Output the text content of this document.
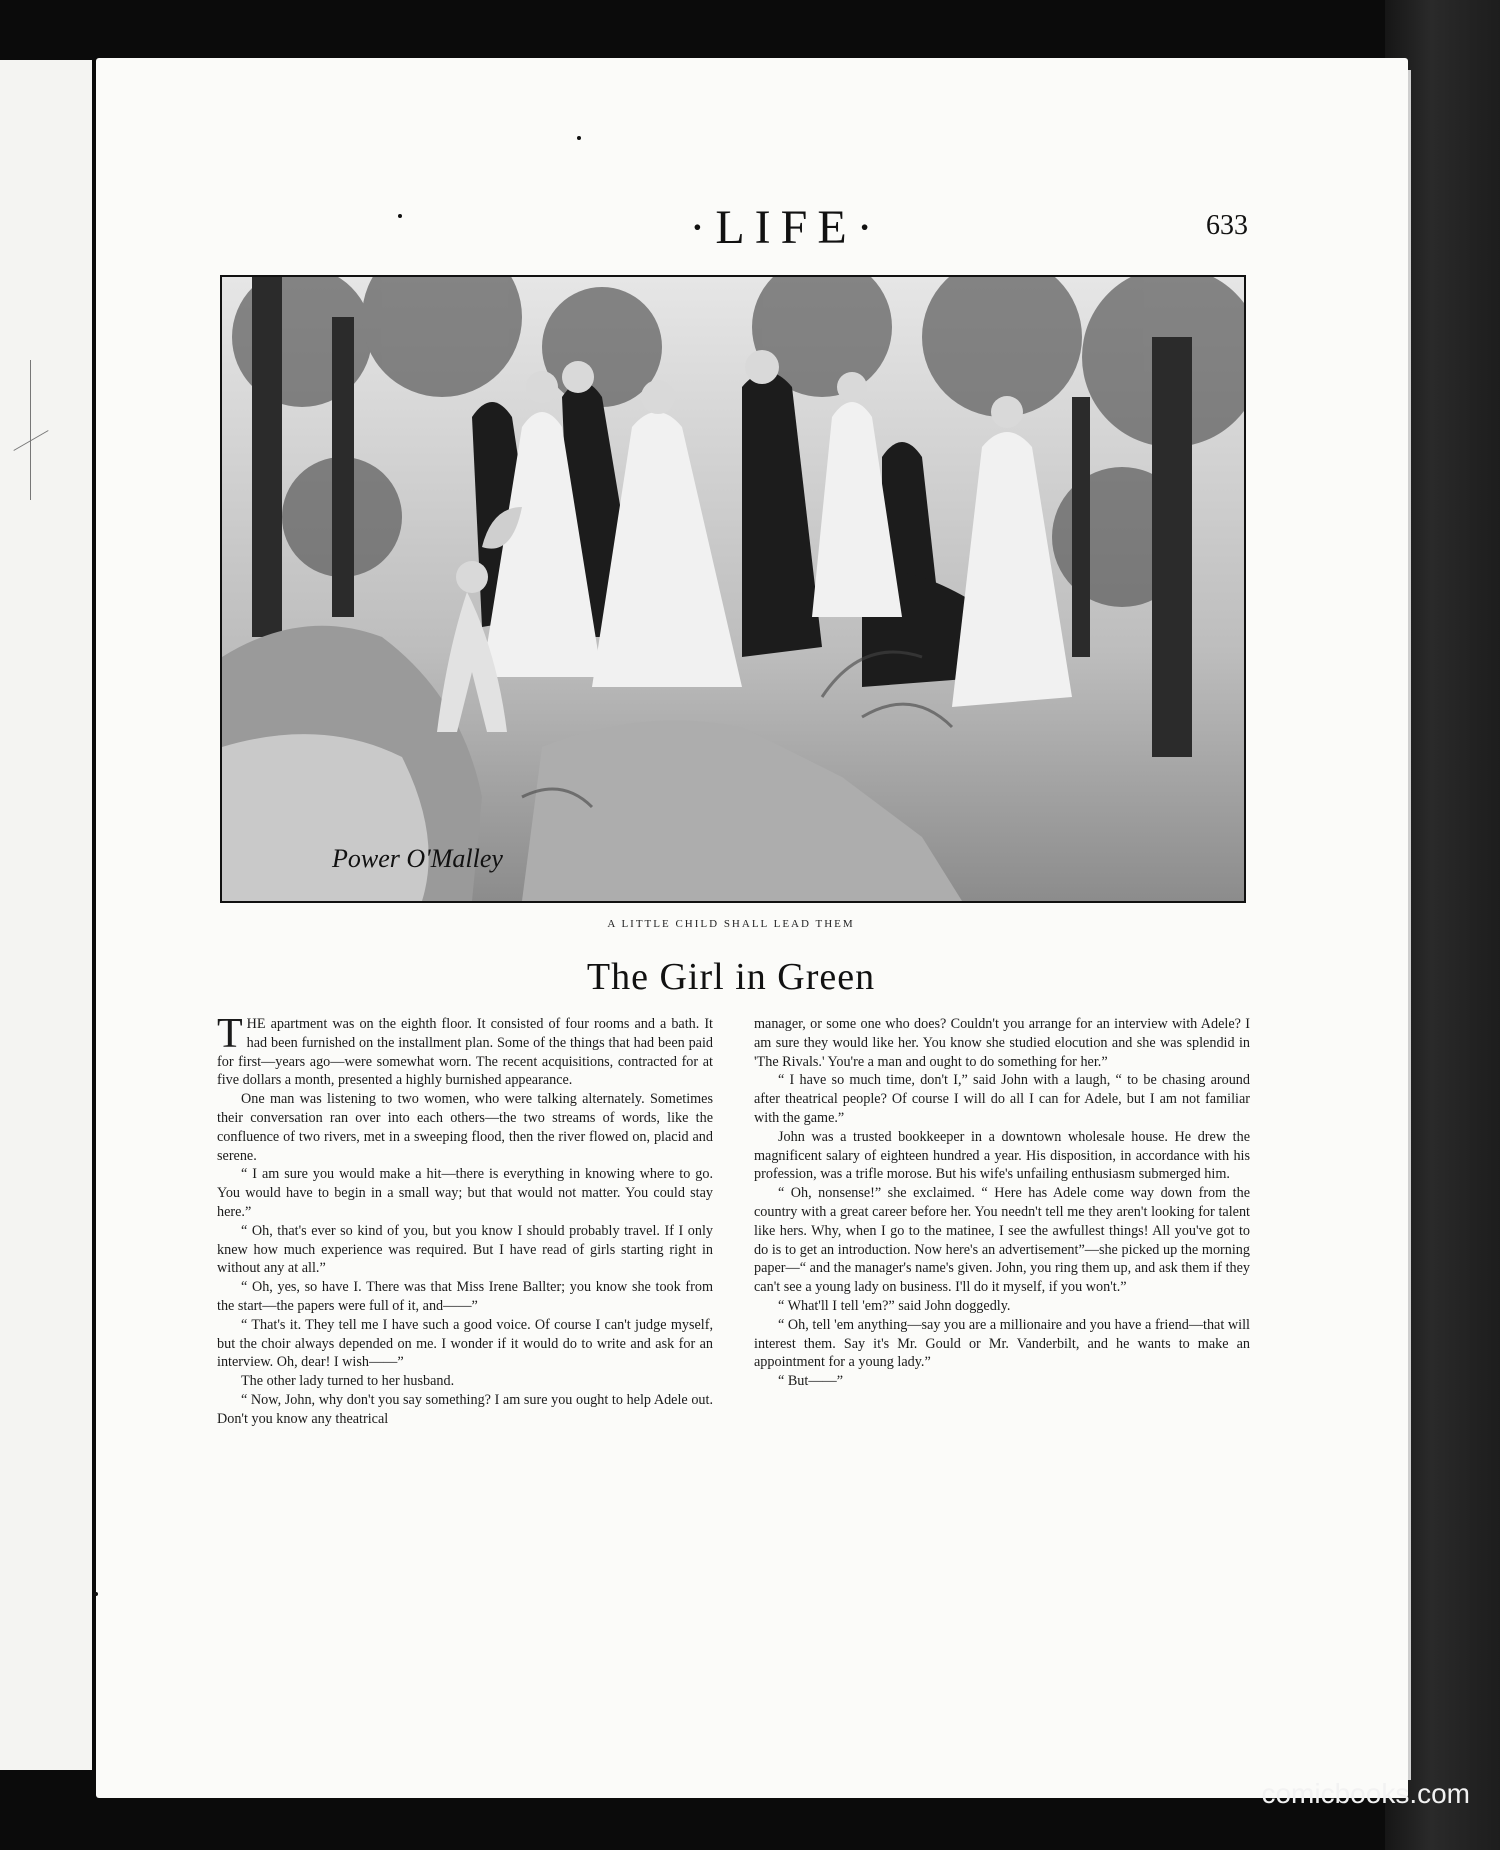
·LIFE·	633
Power O'Malley
A LITTLE CHILD SHALL LEAD THEM
The Girl in Green

THE apartment was on the eighth floor. It consisted of four rooms and a bath. It had been furnished on the installment plan. Some of the things that had been paid for first—years ago—were somewhat worn. The recent acquisitions, contracted for at five dollars a month, presented a highly burnished appearance.

One man was listening to two women, who were talking alternately. Sometimes their conversation ran over into each others—the two streams of words, like the confluence of two rivers, met in a sweeping flood, then the river flowed on, placid and serene.

“ I am sure you would make a hit—there is everything in knowing where to go. You would have to begin in a small way; but that would not matter. You could stay here.”

“ Oh, that's ever so kind of you, but you know I should probably travel. If I only knew how much experience was required. But I have read of girls starting right in without any at all.”

“ Oh, yes, so have I. There was that Miss Irene Ballter; you know she took from the start—the papers were full of it, and——”

“ That's it. They tell me I have such a good voice. Of course I can't judge myself, but the choir always depended on me. I wonder if it would do to write and ask for an interview. Oh, dear! I wish——”

The other lady turned to her husband.

“ Now, John, why don't you say something? I am sure you ought to help Adele out. Don't you know any theatrical

manager, or some one who does? Couldn't you arrange for an interview with Adele? I am sure they would like her. You know she studied elocution and she was splendid in 'The Rivals.' You're a man and ought to do something for her.”

“ I have so much time, don't I,” said John with a laugh, “ to be chasing around after theatrical people? Of course I will do all I can for Adele, but I am not familiar with the game.”

John was a trusted bookkeeper in a downtown wholesale house. He drew the magnificent salary of eighteen hundred a year. His disposition, in accordance with his profession, was a trifle morose. But his wife's unfailing enthusiasm submerged him.

“ Oh, nonsense!” she exclaimed. “ Here has Adele come way down from the country with a great career before her. You needn't tell me they aren't looking for talent like hers. Why, when I go to the matinee, I see the awfullest things! All you've got to do is to get an introduction. Now here's an advertisement”—she picked up the morning paper—“ and the manager's name's given. John, you ring them up, and ask them if they can't see a young lady on business. I'll do it myself, if you won't.”

“ What'll I tell 'em?” said John doggedly.

“ Oh, tell 'em anything—say you are a millionaire and you have a friend—that will interest them. Say it's Mr. Gould or Mr. Vanderbilt, and he wants to make an appointment for a young lady.”

“ But——”

comicbooks.com
